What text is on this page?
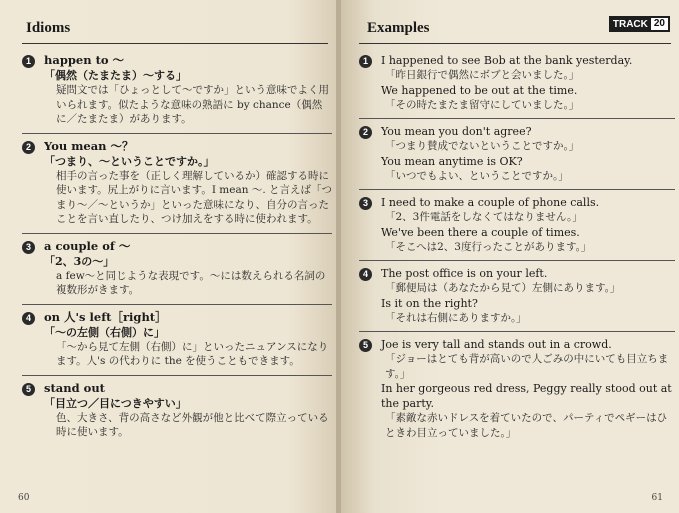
Idioms
1	happen to 〜
「偶然（たまたま）〜する」
疑問文では「ひょっとして〜ですか」という意味でよく用いられます。似たような意味の熟語に by chance（偶然に／たまたま）があります。
2	You mean 〜？
「つまり、〜ということですか。」
相手の言った事を（正しく理解しているか）確認する時に使います。尻上がりに言います。I mean 〜. と言えば「つまり〜／〜というか」といった意味になり、自分の言ったことを言い直したり、つけ加えをする時に使われます。
3	a couple of 〜
「2、3の〜」
a few〜と同じような表現です。〜には数えられる名詞の複数形がきます。
4	on 人's left［right］
「〜の左側（右側）に」
「〜から見て左側（右側）に」といったニュアンスになります。人's の代わりに the を使うこともできます。
5	stand out
「目立つ／目につきやすい」
色、大きさ、背の高さなど外観が他と比べて際立っている時に使います。
60
Examples	TRACK 20
1	I happened to see Bob at the bank yesterday.
「昨日銀行で偶然にボブと会いました。」
We happened to be out at the time.
「その時たまたま留守にしていました。」
2	You mean you don't agree?
「つまり賛成でないということですか。」
You mean anytime is OK?
「いつでもよい、ということですか。」
3	I need to make a couple of phone calls.
「2、3件電話をしなくてはなりません。」
We've been there a couple of times.
「そこへは2、3度行ったことがあります。」
4	The post office is on your left.
「郵便局は（あなたから見て）左側にあります。」
Is it on the right?
「それは右側にありますか。」
5	Joe is very tall and stands out in a crowd.
「ジョーはとても背が高いので人ごみの中にいても目立ちます。」
In her gorgeous red dress, Peggy really stood out at the party.
「素敵な赤いドレスを着ていたので、パーティでペギーはひときわ目立っていました。」
61
